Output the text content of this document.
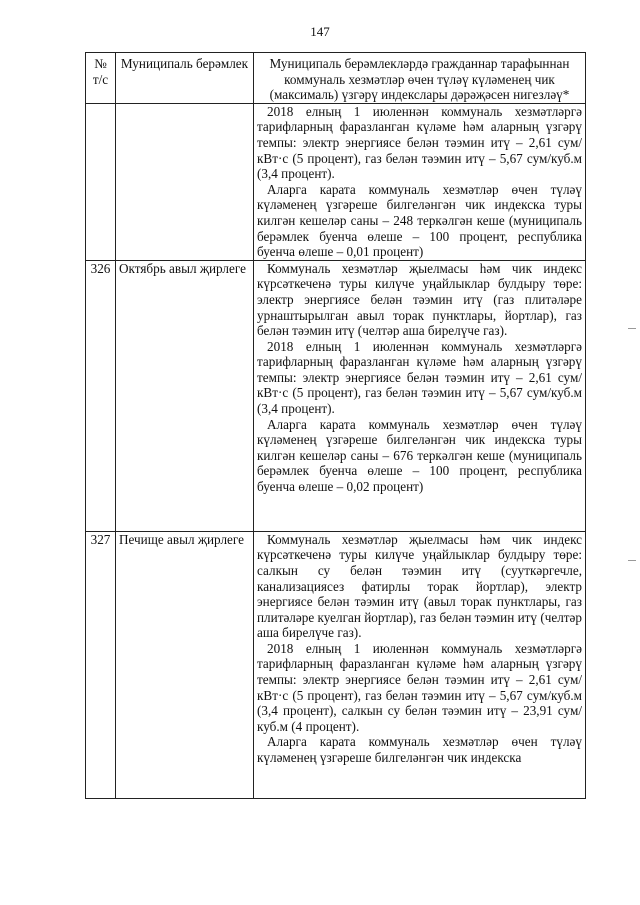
147
№ т/с	Муниципаль берәмлек	Муниципаль берәмлекләрдә гражданнар тарафыннан коммуналь хезмәтләр өчен түләү күләменең чик (максималь) үзгәрү индекслары дәрәҗәсен нигезләү*

		2018 елның 1 июленнән коммуналь хезмәтләргә тарифларның фаразланган күләме һәм аларның үзгәрү темпы: электр энергиясе белән тәэмин итү – 2,61 сум/кВт·с (5 процент), газ белән тәэмин итү – 5,67 сум/куб.м (3,4 процент).

Аларга карата коммуналь хезмәтләр өчен түләү күләменең үзгәреше билгеләнгән чик индекска туры килгән кешеләр саны – 248 теркәлгән кеше (муниципаль берәмлек буенча өлеше – 100 процент, республика буенча өлеше – 0,01 процент)

326	Октябрь авыл җирлеге	Коммуналь хезмәтләр җыелмасы һәм чик индекс күрсәткеченә туры килүче уңайлыклар булдыру төре: электр энергиясе белән тәэмин итү (газ плитәләре урнаштырылган авыл торак пунктлары, йортлар), газ белән тәэмин итү (челтәр аша бирелүче газ).

2018 елның 1 июленнән коммуналь хезмәтләргә тарифларның фаразланган күләме һәм аларның үзгәрү темпы: электр энергиясе белән тәэмин итү – 2,61 сум/кВт·с (5 процент), газ белән тәэмин итү – 5,67 сум/куб.м (3,4 процент).

Аларга карата коммуналь хезмәтләр өчен түләү күләменең үзгәреше билгеләнгән чик индекска туры килгән кешеләр саны – 676 теркәлгән кеше (муниципаль берәмлек буенча өлеше – 100 процент, республика буенча өлеше – 0,02 процент)

327	Печище авыл җирлеге	Коммуналь хезмәтләр җыелмасы һәм чик индекс күрсәткеченә туры килүче уңайлыклар булдыру төре: салкын су белән тәэмин итү (сууткәргечле, канализациясез фатирлы торак йортлар), электр энергиясе белән тәэмин итү (авыл торак пунктлары, газ плитәләре куелган йортлар), газ белән тәэмин итү (челтәр аша бирелүче газ).

2018 елның 1 июленнән коммуналь хезмәтләргә тарифларның фаразланган күләме һәм аларның үзгәрү темпы: электр энергиясе белән тәэмин итү – 2,61 сум/кВт·с (5 процент), газ белән тәэмин итү – 5,67 сум/куб.м (3,4 процент), салкын су белән тәэмин итү – 23,91 сум/куб.м (4 процент).

Аларга карата коммуналь хезмәтләр өчен түләү күләменең үзгәреше билгеләнгән чик индекска
